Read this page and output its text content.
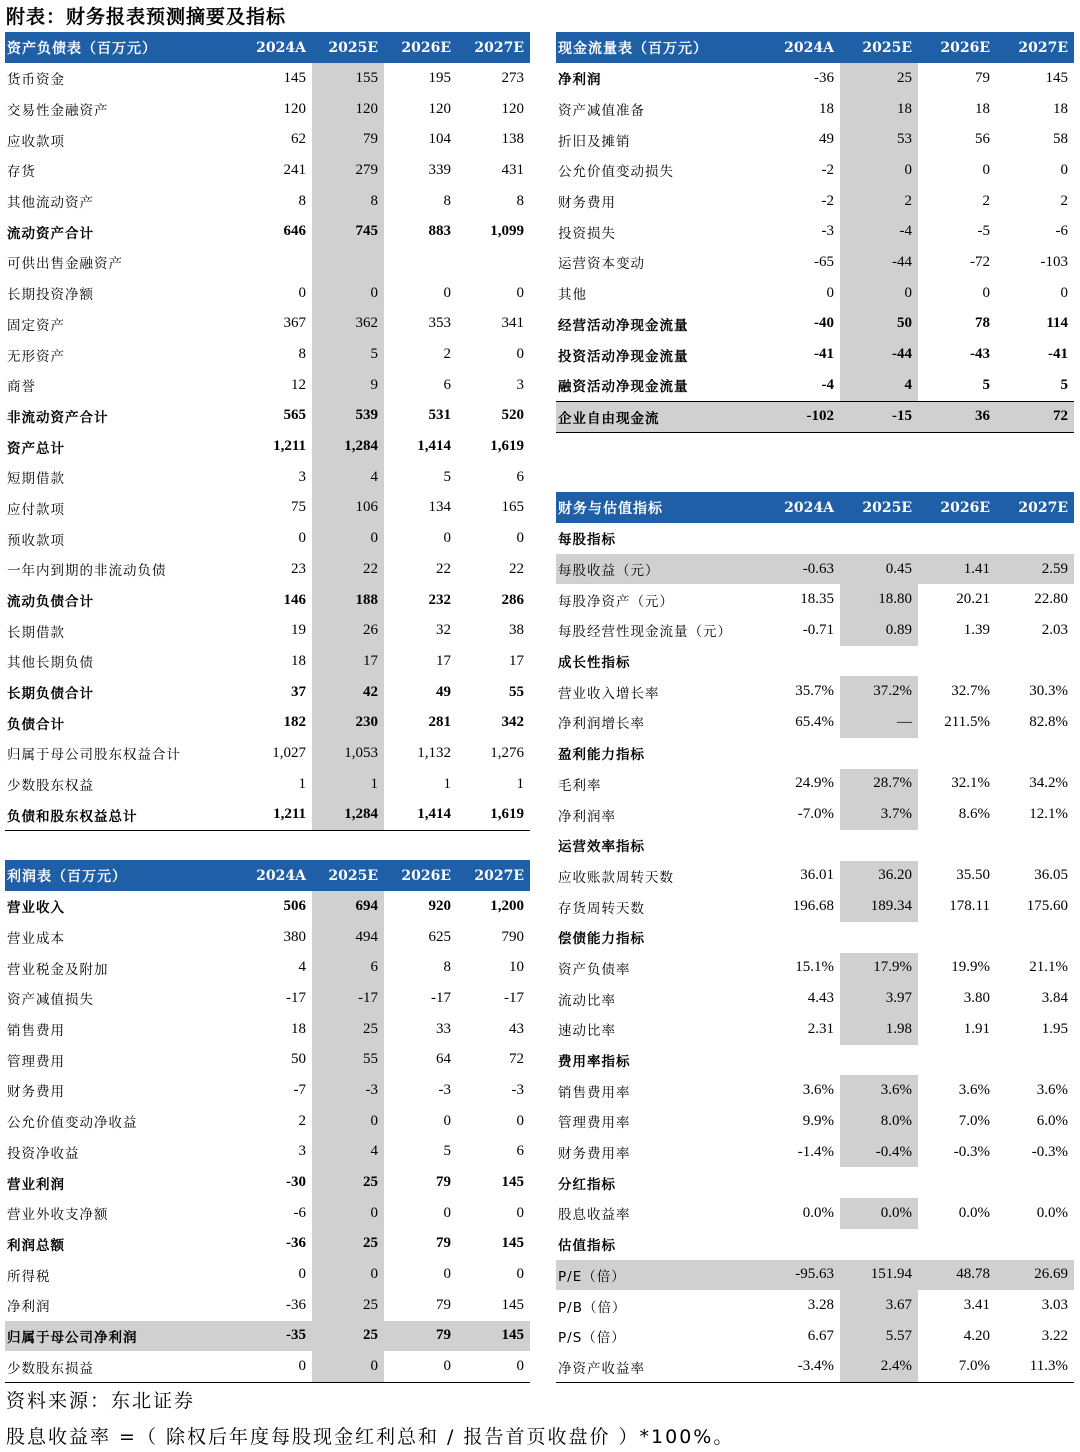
附表：财务报表预测摘要及指标
资产负债表（百万元）	2024A	2025E	2026E	2027E
货币资金	145	155	195	273
交易性金融资产	120	120	120	120
应收款项	62	79	104	138
存货	241	279	339	431
其他流动资产	8	8	8	8
流动资产合计	646	745	883	1,099
可供出售金融资产				
长期投资净额	0	0	0	0
固定资产	367	362	353	341
无形资产	8	5	2	0
商誉	12	9	6	3
非流动资产合计	565	539	531	520
资产总计	1,211	1,284	1,414	1,619
短期借款	3	4	5	6
应付款项	75	106	134	165
预收款项	0	0	0	0
一年内到期的非流动负债	23	22	22	22
流动负债合计	146	188	232	286
长期借款	19	26	32	38
其他长期负债	18	17	17	17
长期负债合计	37	42	49	55
负债合计	182	230	281	342
归属于母公司股东权益合计	1,027	1,053	1,132	1,276
少数股东权益	1	1	1	1
负债和股东权益总计	1,211	1,284	1,414	1,619
现金流量表（百万元）	2024A	2025E	2026E	2027E
净利润	-36	25	79	145
资产减值准备	18	18	18	18
折旧及摊销	49	53	56	58
公允价值变动损失	-2	0	0	0
财务费用	-2	2	2	2
投资损失	-3	-4	-5	-6
运营资本变动	-65	-44	-72	-103
其他	0	0	0	0
经营活动净现金流量	-40	50	78	114
投资活动净现金流量	-41	-44	-43	-41
融资活动净现金流量	-4	4	5	5
企业自由现金流	-102	-15	36	72
利润表（百万元）	2024A	2025E	2026E	2027E
营业收入	506	694	920	1,200
营业成本	380	494	625	790
营业税金及附加	4	6	8	10
资产减值损失	-17	-17	-17	-17
销售费用	18	25	33	43
管理费用	50	55	64	72
财务费用	-7	-3	-3	-3
公允价值变动净收益	2	0	0	0
投资净收益	3	4	5	6
营业利润	-30	25	79	145
营业外收支净额	-6	0	0	0
利润总额	-36	25	79	145
所得税	0	0	0	0
净利润	-36	25	79	145
归属于母公司净利润	-35	25	79	145
少数股东损益	0	0	0	0
财务与估值指标	2024A	2025E	2026E	2027E
每股指标				
每股收益（元）	-0.63	0.45	1.41	2.59
每股净资产（元）	18.35	18.80	20.21	22.80
每股经营性现金流量（元）	-0.71	0.89	1.39	2.03
成长性指标				
营业收入增长率	35.7%	37.2%	32.7%	30.3%
净利润增长率	65.4%	—	211.5%	82.8%
盈利能力指标				
毛利率	24.9%	28.7%	32.1%	34.2%
净利润率	-7.0%	3.7%	8.6%	12.1%
运营效率指标				
应收账款周转天数	36.01	36.20	35.50	36.05
存货周转天数	196.68	189.34	178.11	175.60
偿债能力指标				
资产负债率	15.1%	17.9%	19.9%	21.1%
流动比率	4.43	3.97	3.80	3.84
速动比率	2.31	1.98	1.91	1.95
费用率指标				
销售费用率	3.6%	3.6%	3.6%	3.6%
管理费用率	9.9%	8.0%	7.0%	6.0%
财务费用率	-1.4%	-0.4%	-0.3%	-0.3%
分红指标				
股息收益率	0.0%	0.0%	0.0%	0.0%
估值指标				
P/E（倍）	-95.63	151.94	48.78	26.69
P/B（倍）	3.28	3.67	3.41	3.03
P/S（倍）	6.67	5.57	4.20	3.22
净资产收益率	-3.4%	2.4%	7.0%	11.3%
资料来源：东北证券
股息收益率 =（ 除权后年度每股现金红利总和 / 报告首页收盘价 ）*100%。
